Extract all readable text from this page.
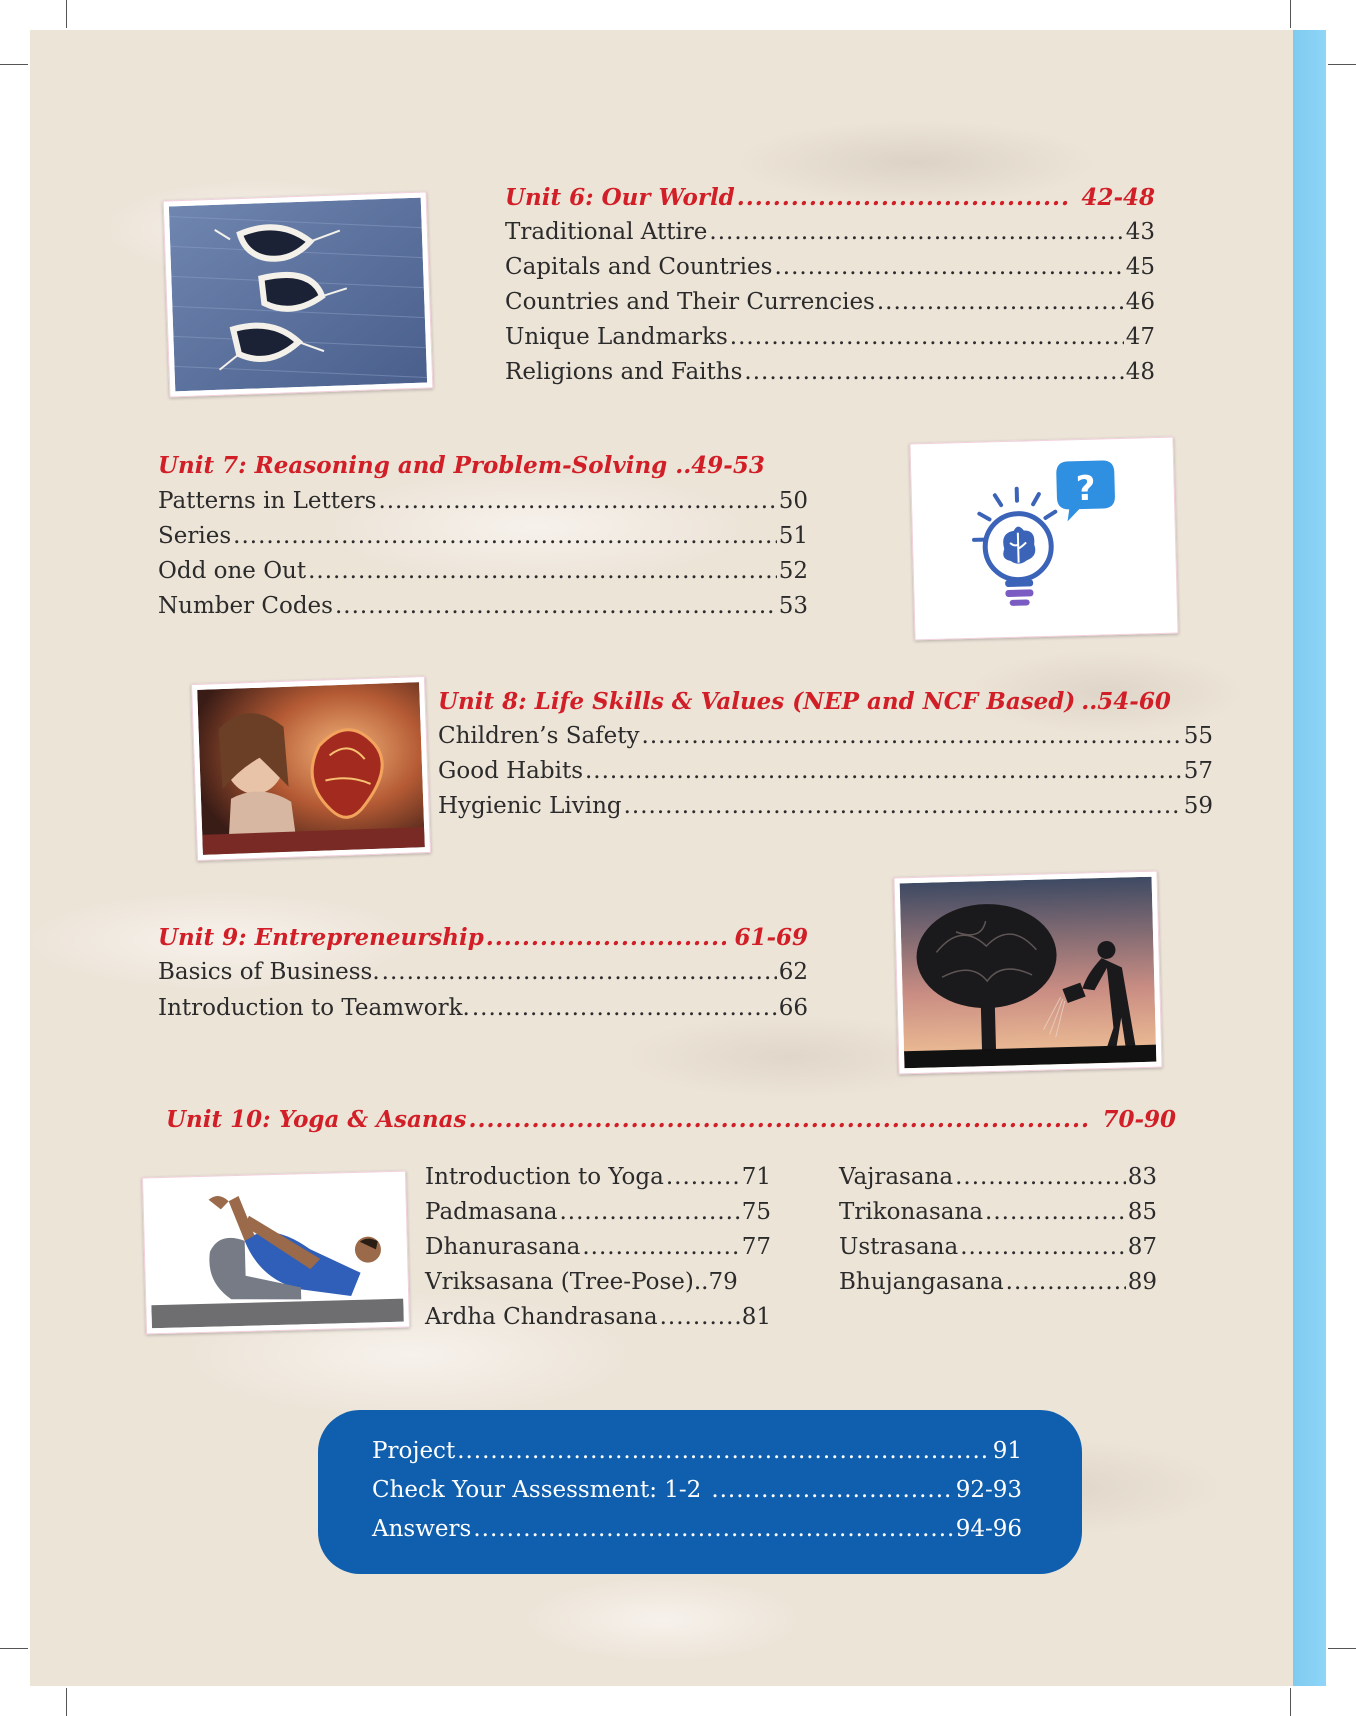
Unit 6: Our World .....	42-48
Traditional Attire .....	43
Capitals and Countries .....	45
Countries and Their Currencies .....	46
Unique Landmarks .....	47
Religions and Faiths .....	48
Unit 7: Reasoning and Problem-Solving ..49-53
Patterns in Letters .....	50
Series .....	51
Odd one Out .....	52
Number Codes .....	53
?
Unit 8: Life Skills & Values (NEP and NCF Based) ..54-60
Children’s Safety .....	55
Good Habits .....	57
Hygienic Living .....	59
Unit 9: Entrepreneurship .....	61-69
Basics of Business. .....	62
Introduction to Teamwork. .....	66
Unit 10: Yoga & Asanas .....	70-90
Introduction to Yoga .....	71
Padmasana .....	75
Dhanurasana .....	77
Vriksasana (Tree-Pose).. 79
Ardha Chandrasana .....	81
Vajrasana .....	83
Trikonasana .....	85
Ustrasana .....	87
Bhujangasana .....	89
Project .....	91
Check Your Assessment: 1-2 .....	92-93
Answers .....	94-96
